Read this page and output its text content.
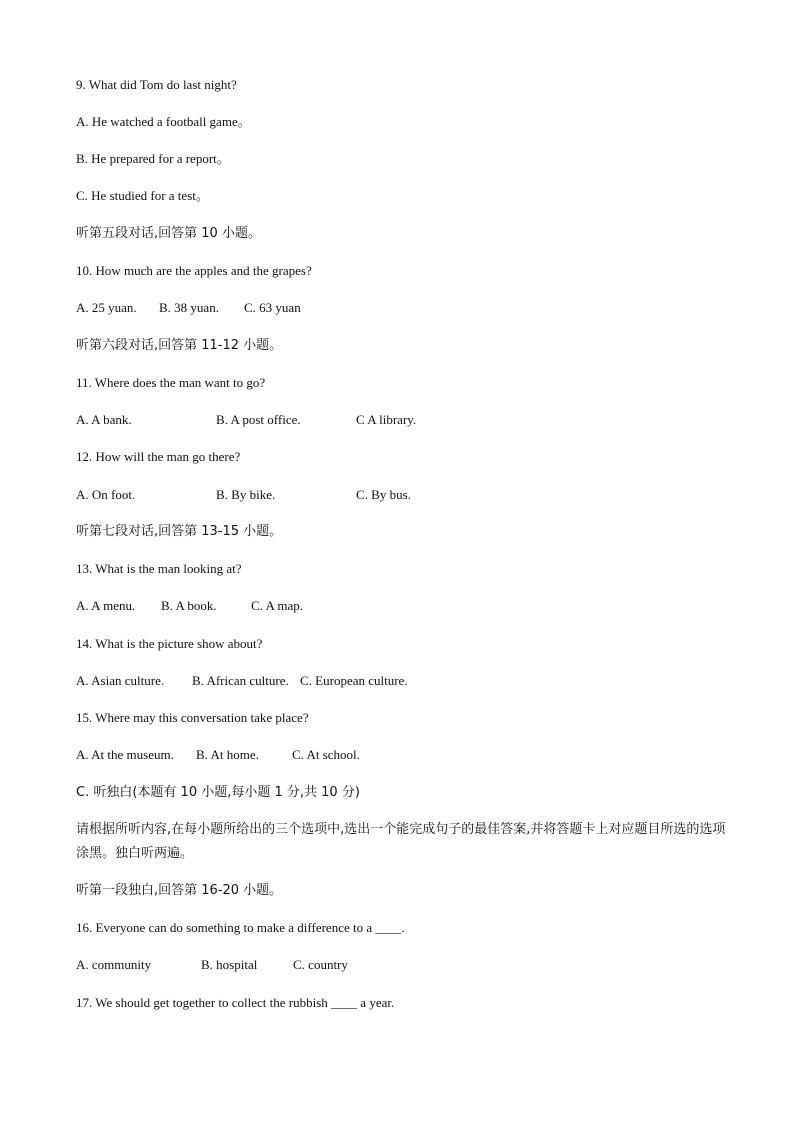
9. What did Tom do last night?
A. He watched a football game。
B. He prepared for a report。
C. He studied for a test。
听第五段对话,回答第 10 小题。
10. How much are the apples and the grapes?
A. 25 yuan. B. 38 yuan. C. 63 yuan
听第六段对话,回答第 11-12 小题。
11. Where does the man want to go?
A. A bank.	B. A post office.	C A library.
12. How will the man go there?
A. On foot.	B. By bike.	C. By bus.
听第七段对话,回答第 13-15 小题。
13. What is the man looking at?
A. A menu. B. A book.	C. A map.
14. What is the picture show about?
A. Asian culture. B. African culture. C. European culture.
15. Where may this conversation take place?
A. At the museum. B. At home.	C. At school.
C. 听独白(本题有 10 小题,每小题 1 分,共 10 分)
请根据所听内容,在每小题所给出的三个选项中,选出一个能完成句子的最佳答案,并将答题卡上对应题目所选的选项涂黑。独白听两遍。
听第一段独白,回答第 16-20 小题。
16. Everyone can do something to make a difference to a ____.
A. community	B. hospital	C. country
17. We should get together to collect the rubbish ____ a year.
